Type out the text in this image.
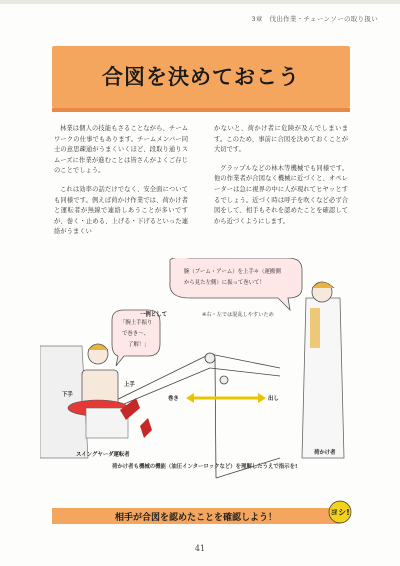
3章　伐出作業・チェーンソーの取り扱い
合図を決めておこう

林業は個人の技能もさることながら、チームワークの仕事でもあります。チームメンバー同士の意思疎通がうまくいくほど、段取り通りスムーズに作業が進むことは皆さんがよくご存じのことでしょう。

これは効率の話だけでなく、安全面についても同様です。例えば荷かけ作業では、荷かけ者と運転者が無線で連絡しあうことが多いですが、巻く・止める、上げる・下げるといった連絡がうまくい

かないと、荷かけ者に危険が及んでしまいます。このため、事前に合図を決めておくことが大切です。

グラップルなどの林木等機械でも同様です。他の作業者が合図なく機械に近づくと、オペレーターは急に視界の中に人が現れてヒヤッとするでしょう。近づく時は呼子を吹くなど必ず合図をして、相手もそれを認めたことを確認してから近づくようにします。

腕（ブーム・アーム）を上手＊（運搬側
から見た左側）に振って巻いて！
「腕上手振り
で巻き～、
了解！」
一例として	※右・左では混乱しやすいため
巻き	出し
上手
下手
スイングヤーダ運転者	荷かけ者
荷かけ者も機械の機能（油圧インターロックなど）を理解したうえで指示を!
相手が合図を認めたことを確認しよう！
ヨシ!
41
